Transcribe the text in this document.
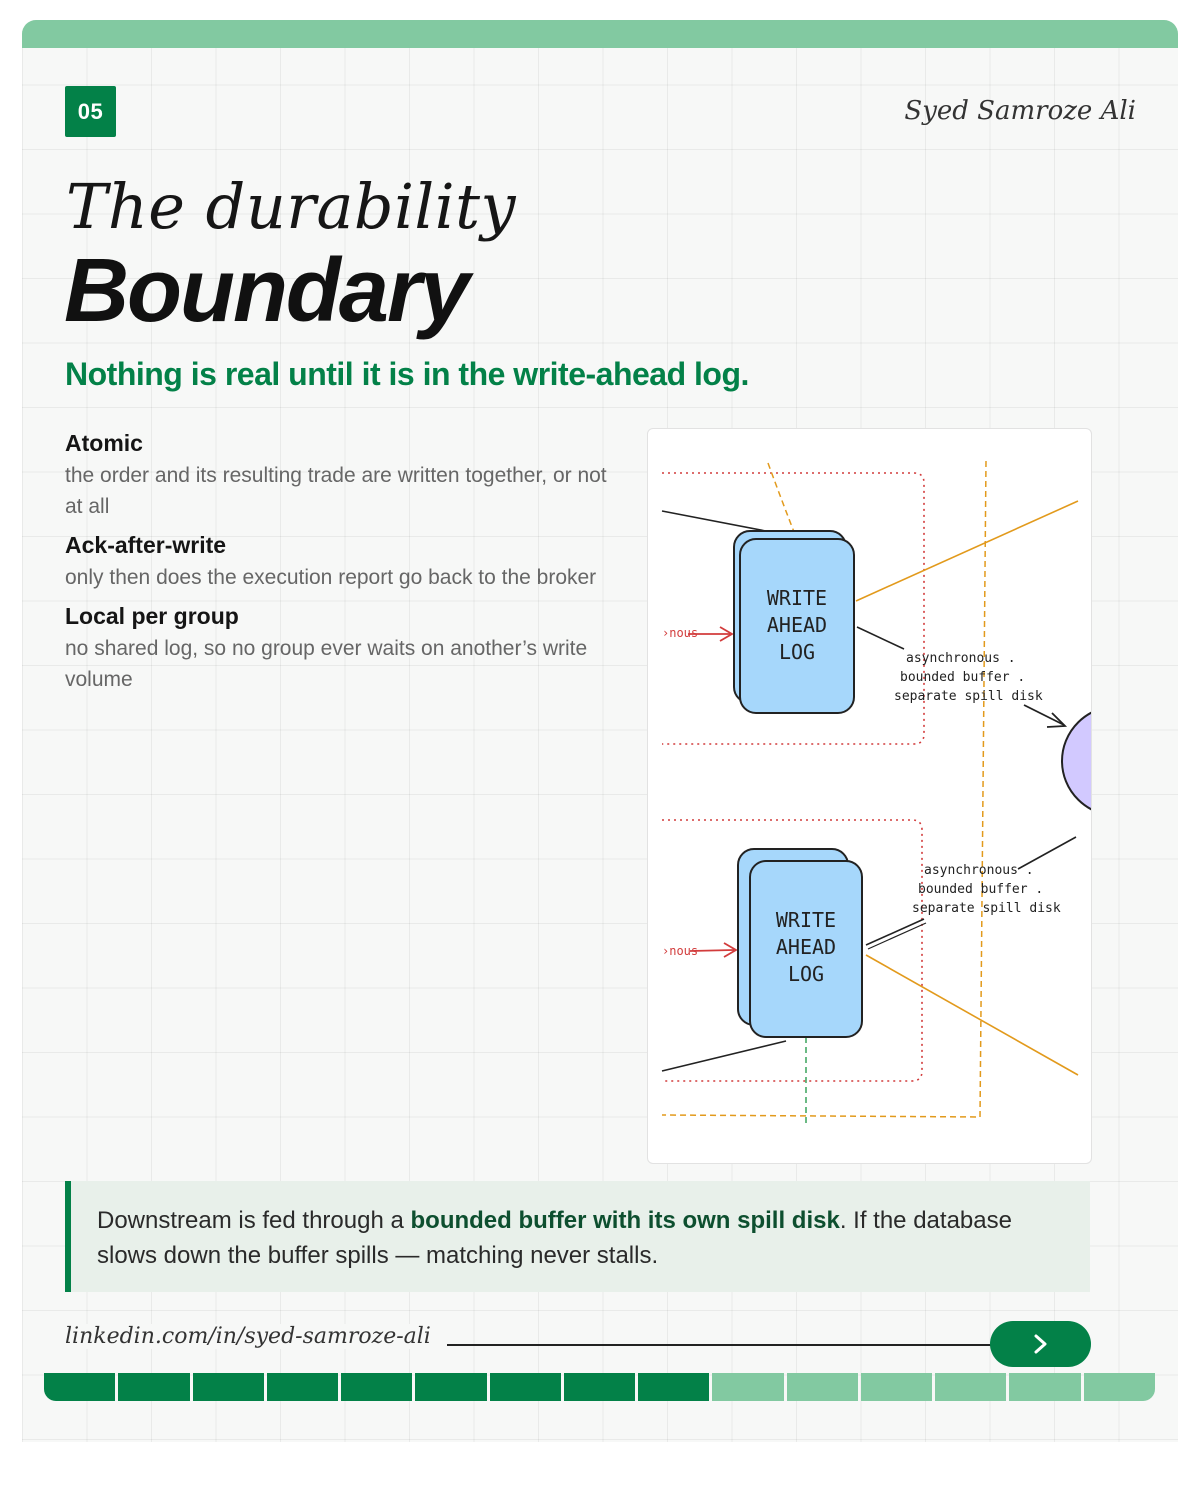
05	Syed Samroze Ali
The durability
Boundary
Nothing is real until it is in the write-ahead log.
Atomic
the order and its resulting trade are written together, or not at all
Ack-after-write
only then does the execution report go back to the broker
Local per group
no shared log, so no group ever waits on another’s write volume
›nous
›nous
WRITE
AHEAD
LOG
WRITE
AHEAD
LOG
asynchronous .
bounded buffer .
separate spill disk
asynchronous .
bounded buffer .
separate spill disk
Downstream is fed through a bounded buffer with its own spill disk. If the database slows down the buffer spills — matching never stalls.
linkedin.com/in/syed-samroze-ali
